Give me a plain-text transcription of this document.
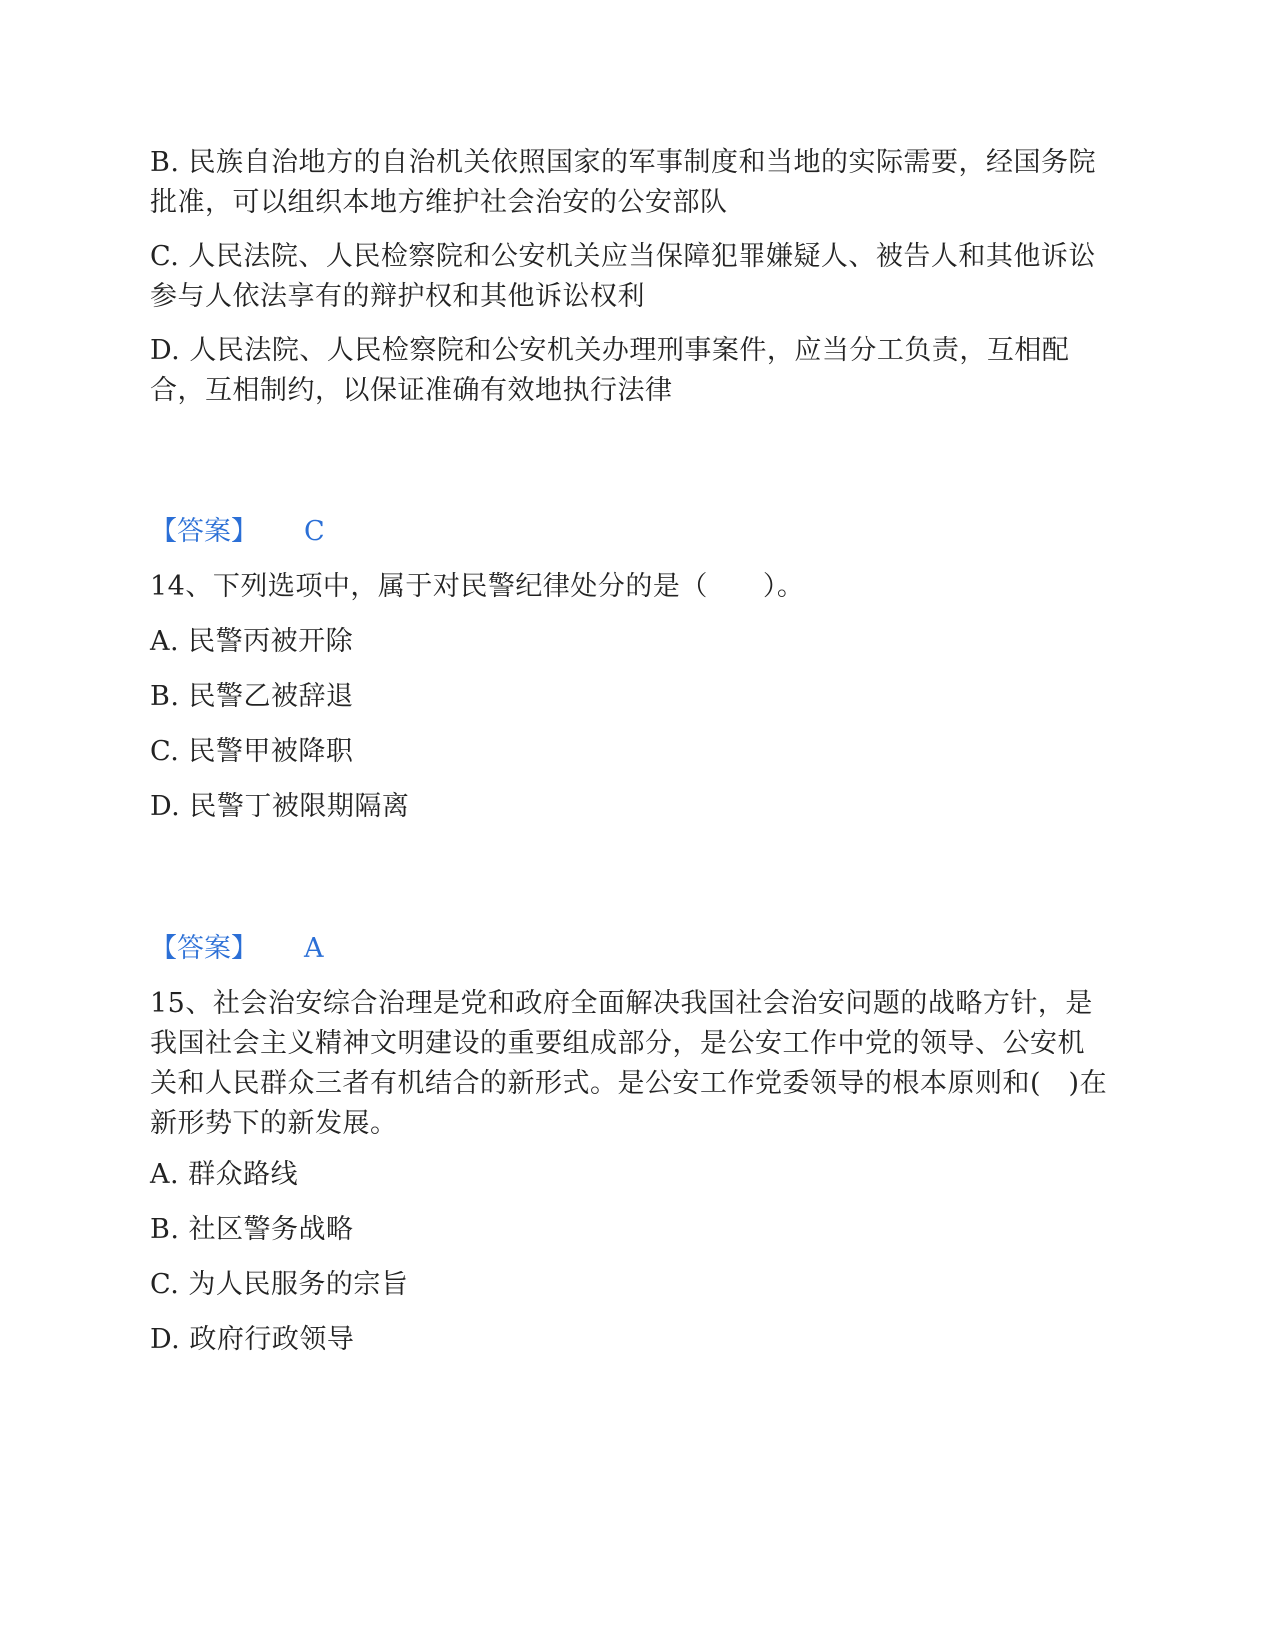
B. 民族自治地方的自治机关依照国家的军事制度和当地的实际需要，经国务院批准，可以组织本地方维护社会治安的公安部队

C. 人民法院、人民检察院和公安机关应当保障犯罪嫌疑人、被告人和其他诉讼参与人依法享有的辩护权和其他诉讼权利

D. 人民法院、人民检察院和公安机关办理刑事案件，应当分工负责，互相配合，互相制约，以保证准确有效地执行法律

【答案】 C

14、下列选项中，属于对民警纪律处分的是（　　）。

A. 民警丙被开除

B. 民警乙被辞退

C. 民警甲被降职

D. 民警丁被限期隔离

【答案】 A

15、社会治安综合治理是党和政府全面解决我国社会治安问题的战略方针，是我国社会主义精神文明建设的重要组成部分，是公安工作中党的领导、公安机关和人民群众三者有机结合的新形式。是公安工作党委领导的根本原则和(　)在新形势下的新发展。

A. 群众路线

B. 社区警务战略

C. 为人民服务的宗旨

D. 政府行政领导
